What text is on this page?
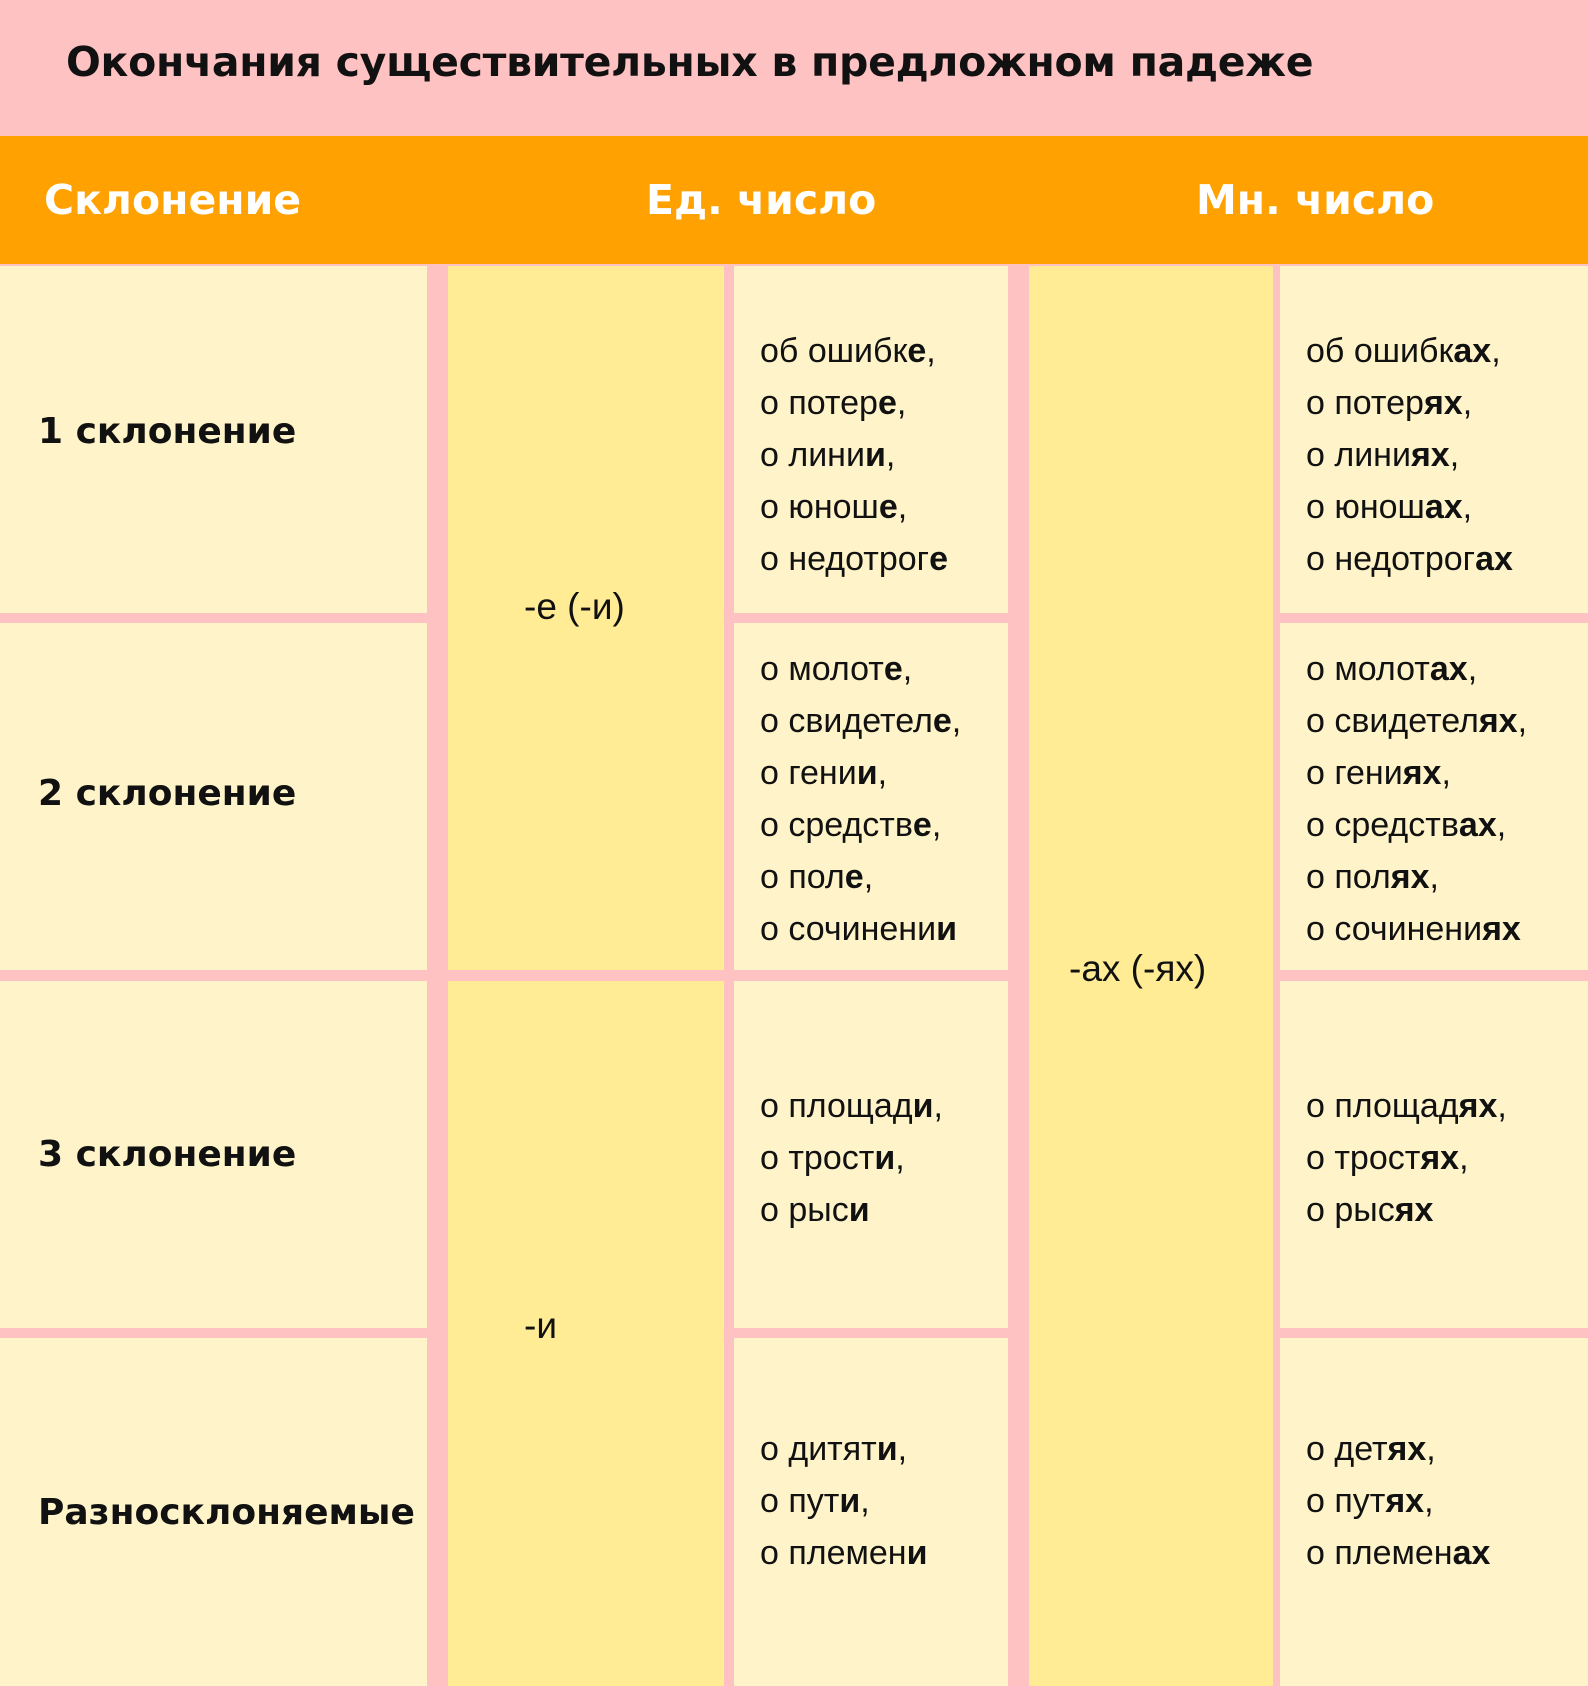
Окончания существительных в предложном падеже
Склонение	Ед. число	Мн. число
1 склонение
2 склонение
3 склонение
Разносклоняемые
-е (-и)
-и
об ошибке,
о потере,
о линии,
о юноше,
о недотроге
о молоте,
о свидетеле,
о гении,
о средстве,
о поле,
о сочинении
о площади,
о трости,
о рыси
о дитяти,
о пути,
о племени
-ах (-ях)
об ошибках,
о потерях,
о линиях,
о юношах,
о недотрогах
о молотах,
о свидетелях,
о гениях,
о средствах,
о полях,
о сочинениях
о площадях,
о тростях,
о рысях
о детях,
о путях,
о племенах
